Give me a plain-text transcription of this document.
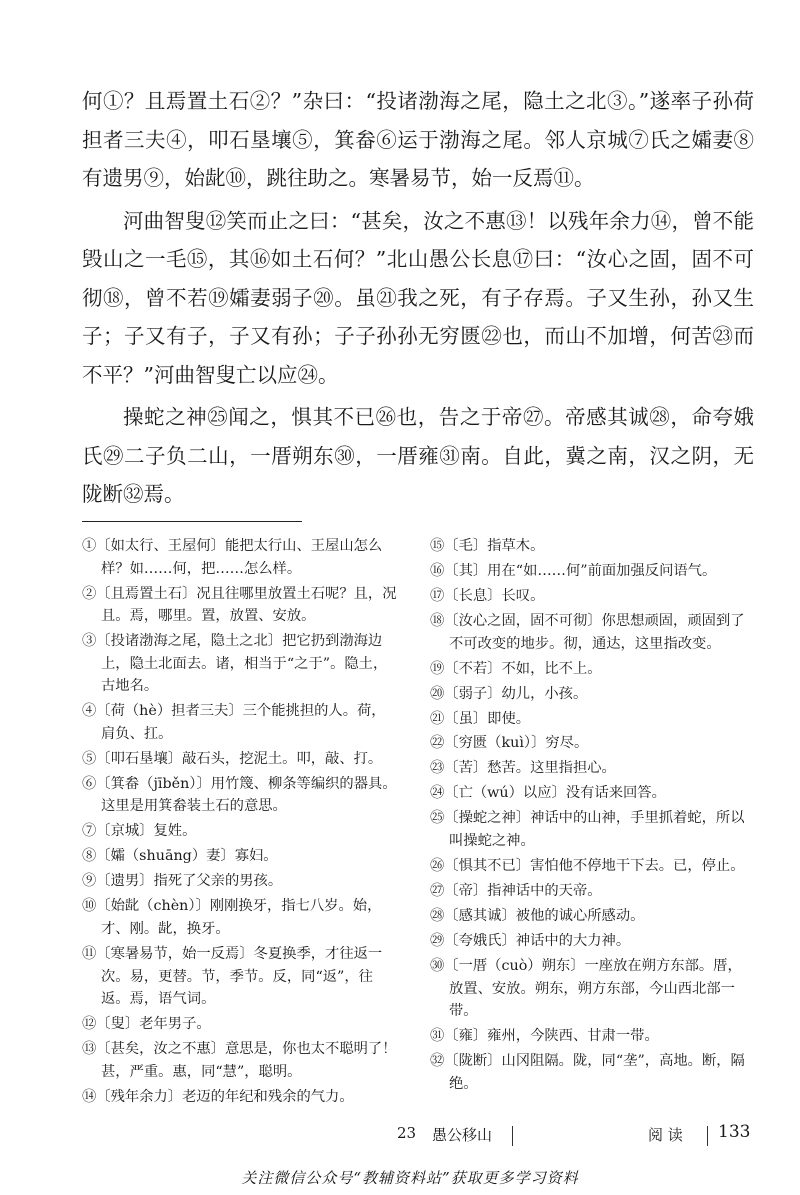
何①？且焉置土石②？”杂曰：“投诸渤海之尾，隐土之北③。”遂率子孙荷担者三夫④，叩石垦壤⑤，箕畚⑥运于渤海之尾。邻人京城⑦氏之孀妻⑧有遗男⑨，始龀⑩，跳往助之。寒暑易节，始一反焉⑪。

河曲智叟⑫笑而止之曰：“甚矣，汝之不惠⑬！以残年余力⑭，曾不能毁山之一毛⑮，其⑯如土石何？”北山愚公长息⑰曰：“汝心之固，固不可彻⑱，曾不若⑲孀妻弱子⑳。虽㉑我之死，有子存焉。子又生孙，孙又生子；子又有子，子又有孙；子子孙孙无穷匮㉒也，而山不加增，何苦㉓而不平？”河曲智叟亡以应㉔。

操蛇之神㉕闻之，惧其不已㉖也，告之于帝㉗。帝感其诚㉘，命夸娥氏㉙二子负二山，一厝朔东㉚，一厝雍㉛南。自此，冀之南，汉之阴，无陇断㉜焉。

①〔如太行、王屋何〕能把太行山、王屋山怎么样？如……何，把……怎么样。

②〔且焉置土石〕况且往哪里放置土石呢？且，况且。焉，哪里。置，放置、安放。

③〔投诸渤海之尾，隐土之北〕把它扔到渤海边上，隐土北面去。诸，相当于“之于”。隐土，古地名。

④〔荷（hè）担者三夫〕三个能挑担的人。荷，肩负、扛。

⑤〔叩石垦壤〕敲石头，挖泥土。叩，敲、打。

⑥〔箕畚（jīběn）〕用竹篾、柳条等编织的器具。这里是用箕畚装土石的意思。

⑦〔京城〕复姓。

⑧〔孀（shuāng）妻〕寡妇。

⑨〔遗男〕指死了父亲的男孩。

⑩〔始龀（chèn）〕刚刚换牙，指七八岁。始，才、刚。龀，换牙。

⑪〔寒暑易节，始一反焉〕冬夏换季，才往返一次。易，更替。节，季节。反，同“返”，往返。焉，语气词。

⑫〔叟〕老年男子。

⑬〔甚矣，汝之不惠〕意思是，你也太不聪明了！甚，严重。惠，同“慧”，聪明。

⑭〔残年余力〕老迈的年纪和残余的气力。

⑮〔毛〕指草木。

⑯〔其〕用在“如……何”前面加强反问语气。

⑰〔长息〕长叹。

⑱〔汝心之固，固不可彻〕你思想顽固，顽固到了不可改变的地步。彻，通达，这里指改变。

⑲〔不若〕不如，比不上。

⑳〔弱子〕幼儿，小孩。

㉑〔虽〕即使。

㉒〔穷匮（kuì）〕穷尽。

㉓〔苦〕愁苦。这里指担心。

㉔〔亡（wú）以应〕没有话来回答。

㉕〔操蛇之神〕神话中的山神，手里抓着蛇，所以叫操蛇之神。

㉖〔惧其不已〕害怕他不停地干下去。已，停止。

㉗〔帝〕指神话中的天帝。

㉘〔感其诚〕被他的诚心所感动。

㉙〔夸娥氏〕神话中的大力神。

㉚〔一厝（cuò）朔东〕一座放在朔方东部。厝，放置、安放。朔东，朔方东部，今山西北部一带。

㉛〔雍〕雍州，今陕西、甘肃一带。

㉜〔陇断〕山冈阻隔。陇，同“垄”，高地。断，隔绝。

23 愚公移山	阅 读 133
关注微信公众号“教辅资料站”获取更多学习资料
